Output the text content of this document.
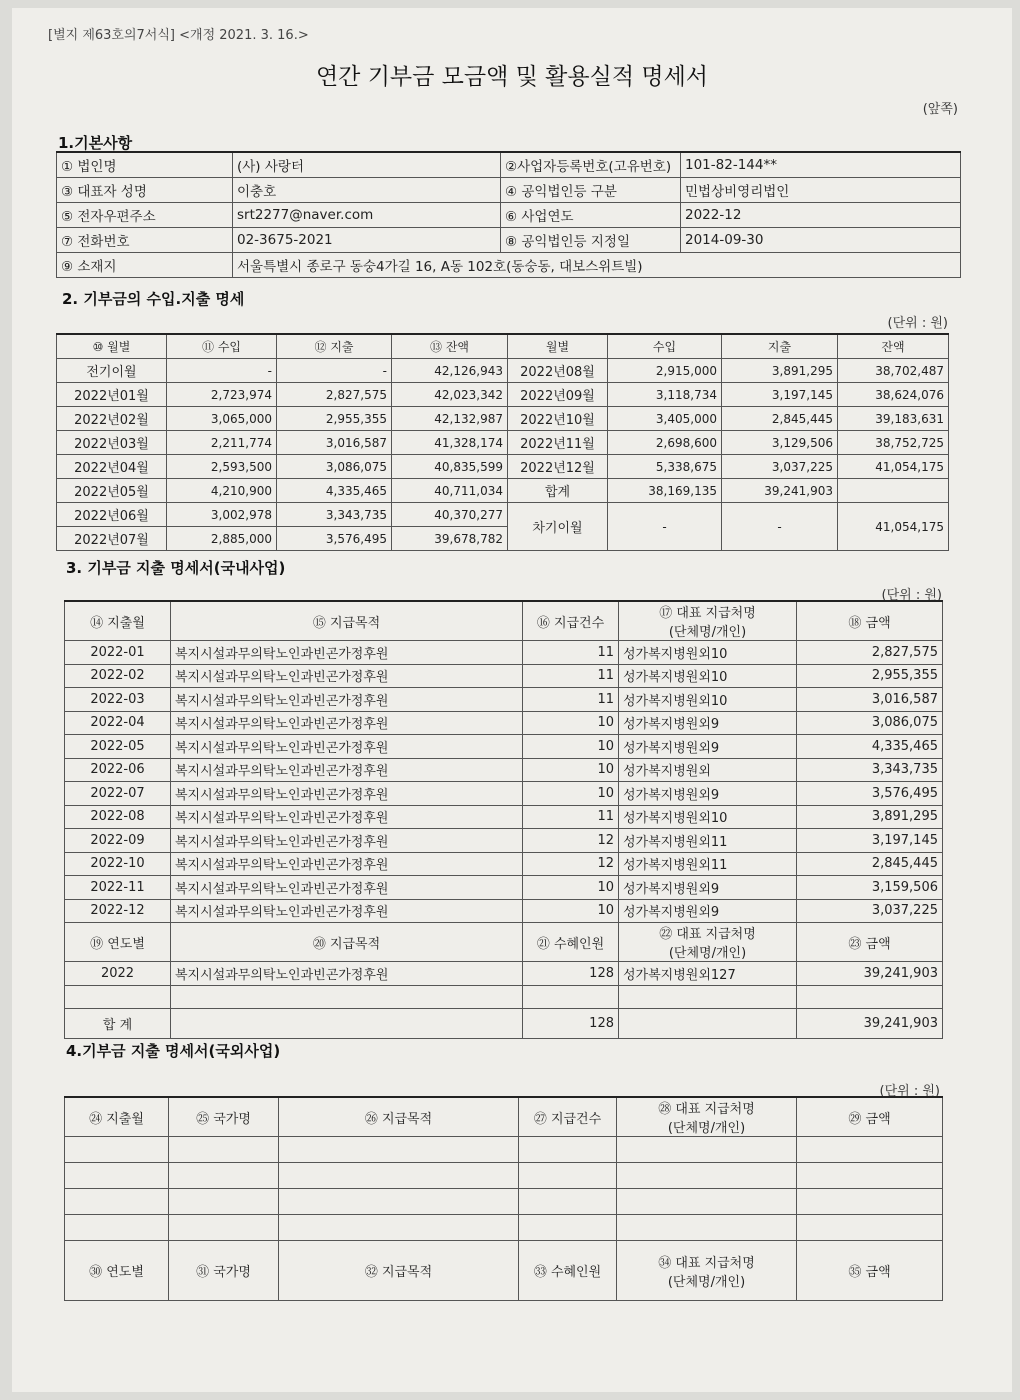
[별지 제63호의7서식] <개정 2021. 3. 16.>
연간 기부금 모금액 및 활용실적 명세서
(앞쪽)
1.기본사항
① 법인명	(사) 사랑터	②사업자등록번호(고유번호)	101-82-144**
③ 대표자 성명	이충호	④ 공익법인등 구분	민법상비영리법인
⑤ 전자우편주소	srt2277@naver.com	⑥ 사업연도	2022-12
⑦ 전화번호	02-3675-2021	⑧ 공익법인등 지정일	2014-09-30
⑨ 소재지	서울특별시 종로구 동숭4가길 16, A동 102호(동숭동, 대보스위트빌)		
2. 기부금의 수입.지출 명세
(단위 : 원)
⑩ 월별	⑪ 수입	⑫ 지출	⑬ 잔액	월별	수입	지출	잔액
전기이월	-	-	42,126,943	2022년08월	2,915,000	3,891,295	38,702,487
2022년01월	2,723,974	2,827,575	42,023,342	2022년09월	3,118,734	3,197,145	38,624,076
2022년02월	3,065,000	2,955,355	42,132,987	2022년10월	3,405,000	2,845,445	39,183,631
2022년03월	2,211,774	3,016,587	41,328,174	2022년11월	2,698,600	3,129,506	38,752,725
2022년04월	2,593,500	3,086,075	40,835,599	2022년12월	5,338,675	3,037,225	41,054,175
2022년05월	4,210,900	4,335,465	40,711,034	합계	38,169,135	39,241,903	
2022년06월	3,002,978	3,343,735	40,370,277	차기이월	-	-	41,054,175
2022년07월	2,885,000	3,576,495	39,678,782				
3. 기부금 지출 명세서(국내사업)
(단위 : 원)
⑭ 지출월	⑮ 지급목적	⑯ 지급건수	⑰ 대표 지급처명
(단체명/개인)	⑱ 금액
2022-01	복지시설과무의탁노인과빈곤가정후원	11	성가복지병원외10	2,827,575
2022-02	복지시설과무의탁노인과빈곤가정후원	11	성가복지병원외10	2,955,355
2022-03	복지시설과무의탁노인과빈곤가정후원	11	성가복지병원외10	3,016,587
2022-04	복지시설과무의탁노인과빈곤가정후원	10	성가복지병원외9	3,086,075
2022-05	복지시설과무의탁노인과빈곤가정후원	10	성가복지병원외9	4,335,465
2022-06	복지시설과무의탁노인과빈곤가정후원	10	성가복지병원외	3,343,735
2022-07	복지시설과무의탁노인과빈곤가정후원	10	성가복지병원외9	3,576,495
2022-08	복지시설과무의탁노인과빈곤가정후원	11	성가복지병원외10	3,891,295
2022-09	복지시설과무의탁노인과빈곤가정후원	12	성가복지병원외11	3,197,145
2022-10	복지시설과무의탁노인과빈곤가정후원	12	성가복지병원외11	2,845,445
2022-11	복지시설과무의탁노인과빈곤가정후원	10	성가복지병원외9	3,159,506
2022-12	복지시설과무의탁노인과빈곤가정후원	10	성가복지병원외9	3,037,225
⑲ 연도별	⑳ 지급목적	㉑ 수혜인원	㉒ 대표 지급처명
(단체명/개인)	㉓ 금액
2022	복지시설과무의탁노인과빈곤가정후원	128	성가복지병원외127	39,241,903

합 계		128		39,241,903
4.기부금 지출 명세서(국외사업)
(단위 : 원)
㉔ 지출월	㉕ 국가명	㉖ 지급목적	㉗ 지급건수	㉘ 대표 지급처명
(단체명/개인)	㉙ 금액

㉚ 연도별	㉛ 국가명	㉜ 지급목적	㉝ 수혜인원	㉞ 대표 지급처명
(단체명/개인)	㉟ 금액
